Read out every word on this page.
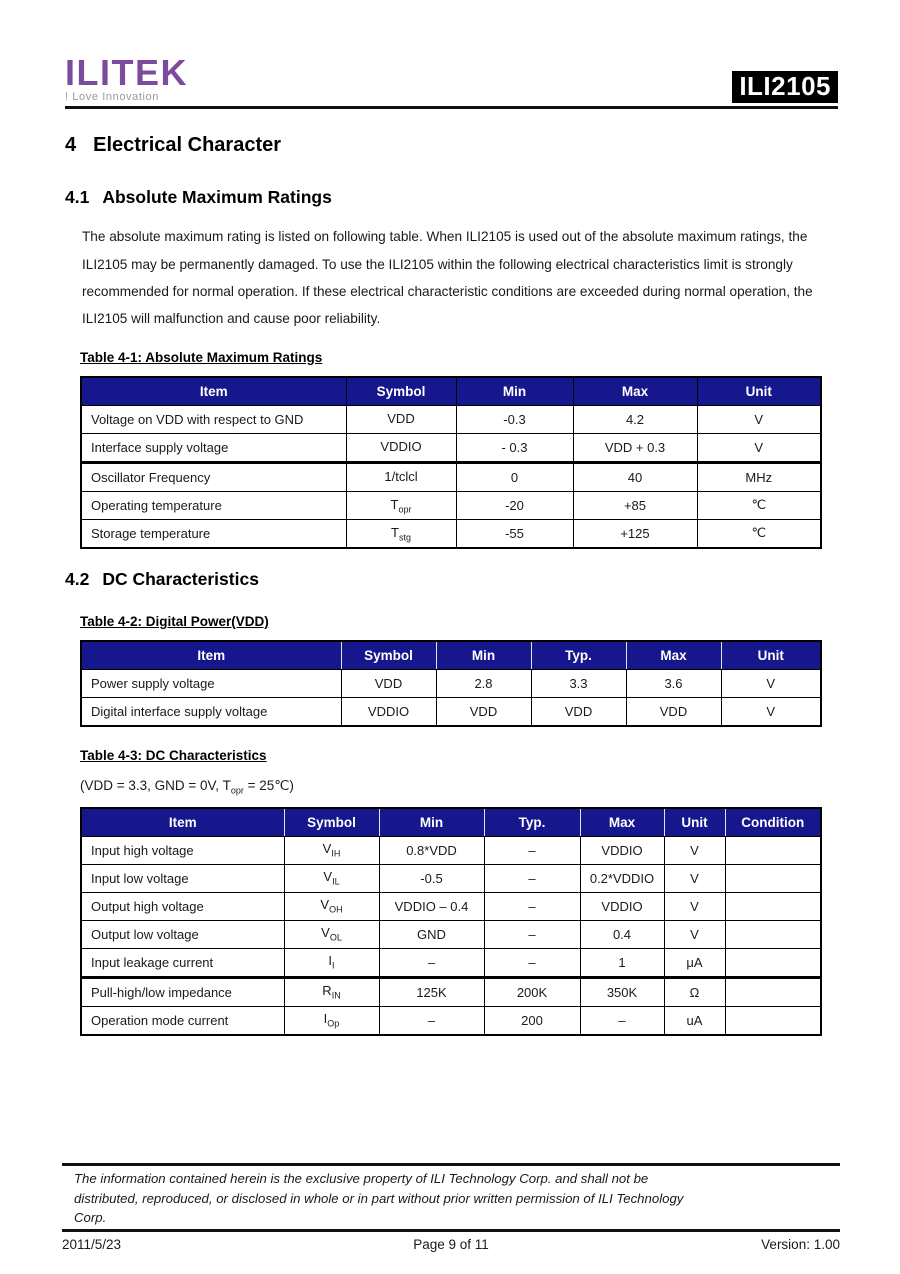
ILITEK
! Love Innovation	ILI2105
4 Electrical Character
4.1 Absolute Maximum Ratings
The absolute maximum rating is listed on following table. When ILI2105 is used out of the absolute maximum ratings, the ILI2105 may be permanently damaged. To use the ILI2105 within the following electrical characteristics limit is strongly recommended for normal operation. If these electrical characteristic conditions are exceeded during normal operation, the ILI2105 will malfunction and cause poor reliability.
Table 4-1: Absolute Maximum Ratings
Item	Symbol	Min	Max	Unit
Voltage on VDD with respect to GND	VDD	-0.3	4.2	V
Interface supply voltage	VDDIO	- 0.3	VDD + 0.3	V
Oscillator Frequency	1/tclcl	0	40	MHz
Operating temperature	$T_{opr}$	-20	+85	℃
Storage temperature	$T_{stg}$	-55	+125	℃
4.2 DC Characteristics
Table 4-2: Digital Power(VDD)
Item	Symbol	Min	Typ.	Max	Unit
Power supply voltage	VDD	2.8	3.3	3.6	V
Digital interface supply voltage	VDDIO	VDD	VDD	VDD	V
Table 4-3: DC Characteristics
(VDD = 3.3, GND = 0V, $T_{opr}$ = 25℃)
Item	Symbol	Min	Typ.	Max	Unit	Condition
Input high voltage	$V_{IH}$	0.8*VDD	–	VDDIO	V	
Input low voltage	$V_{IL}$	-0.5	–	0.2*VDDIO	V	
Output high voltage	$V_{OH}$	VDDIO – 0.4	–	VDDIO	V	
Output low voltage	$V_{OL}$	GND	–	0.4	V	
Input leakage current	$I_I$	–	–	1	μA	
Pull-high/low impedance	$R_{IN}$	125K	200K	350K	Ω	
Operation mode current	$I_{Op}$	–	200	–	uA	
The information contained herein is the exclusive property of ILI Technology Corp. and shall not be
distributed, reproduced, or disclosed in whole or in part without prior written permission of ILI Technology
Corp.
2011/5/23	Page 9 of 11	Version: 1.00
